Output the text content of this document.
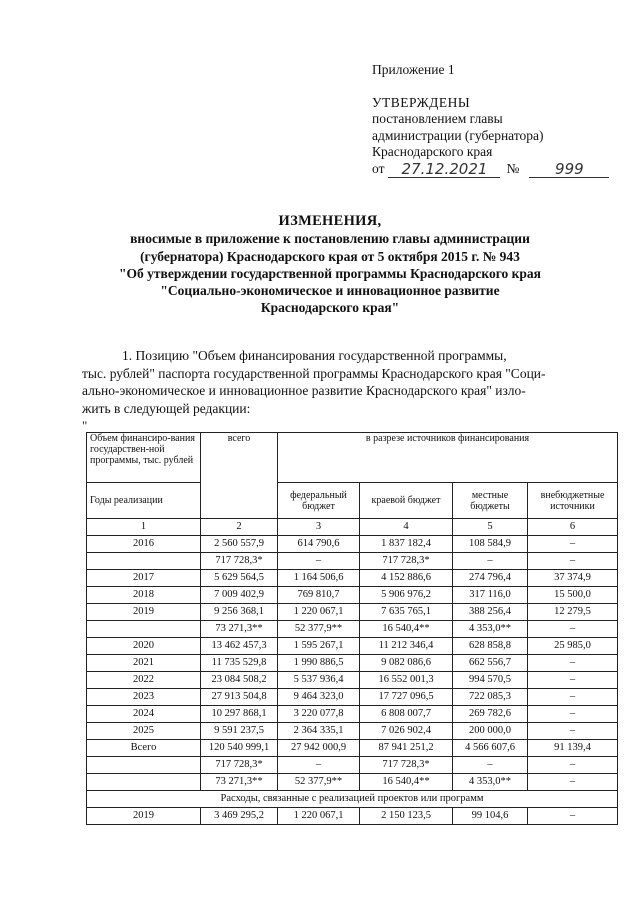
Приложение 1
УТВЕРЖДЕНЫ
постановлением главы
администрации (губернатора)
Краснодарского края
от	27.12.2021	№	999
ИЗМЕНЕНИЯ,
вносимые в приложение к постановлению главы администрации
(губернатора) Краснодарского края от 5 октября 2015 г. № 943
"Об утверждении государственной программы Краснодарского края
"Социально-экономическое и инновационное развитие
Краснодарского края"
1. Позицию "Объем финансирования государственной программы,
тыс. рублей" паспорта государственной программы Краснодарского края "Соци-
ально-экономическое и инновационное развитие Краснодарского края" изло-
жить в следующей редакции:
"
Объем финансиро-вания государствен-ной программы, тыс. рублей	всего	в разрезе источников финансирования			
Годы реализации		федеральный бюджет	краевой бюджет	местные бюджеты	внебюджетные источники
1	2	3	4	5	6
2016	2 560 557,9	614 790,6	1 837 182,4	108 584,9	–
	717 728,3*	–	717 728,3*	–	–
2017	5 629 564,5	1 164 506,6	4 152 886,6	274 796,4	37 374,9
2018	7 009 402,9	769 810,7	5 906 976,2	317 116,0	15 500,0
2019	9 256 368,1	1 220 067,1	7 635 765,1	388 256,4	12 279,5
	73 271,3**	52 377,9**	16 540,4**	4 353,0**	–
2020	13 462 457,3	1 595 267,1	11 212 346,4	628 858,8	25 985,0
2021	11 735 529,8	1 990 886,5	9 082 086,6	662 556,7	–
2022	23 084 508,2	5 537 936,4	16 552 001,3	994 570,5	–
2023	27 913 504,8	9 464 323,0	17 727 096,5	722 085,3	–
2024	10 297 868,1	3 220 077,8	6 808 007,7	269 782,6	–
2025	9 591 237,5	2 364 335,1	7 026 902,4	200 000,0	–
Всего	120 540 999,1	27 942 000,9	87 941 251,2	4 566 607,6	91 139,4
	717 728,3*	–	717 728,3*	–	–
	73 271,3**	52 377,9**	16 540,4**	4 353,0**	–
Расходы, связанные с реализацией проектов или программ					
2019	3 469 295,2	1 220 067,1	2 150 123,5	99 104,6	–
